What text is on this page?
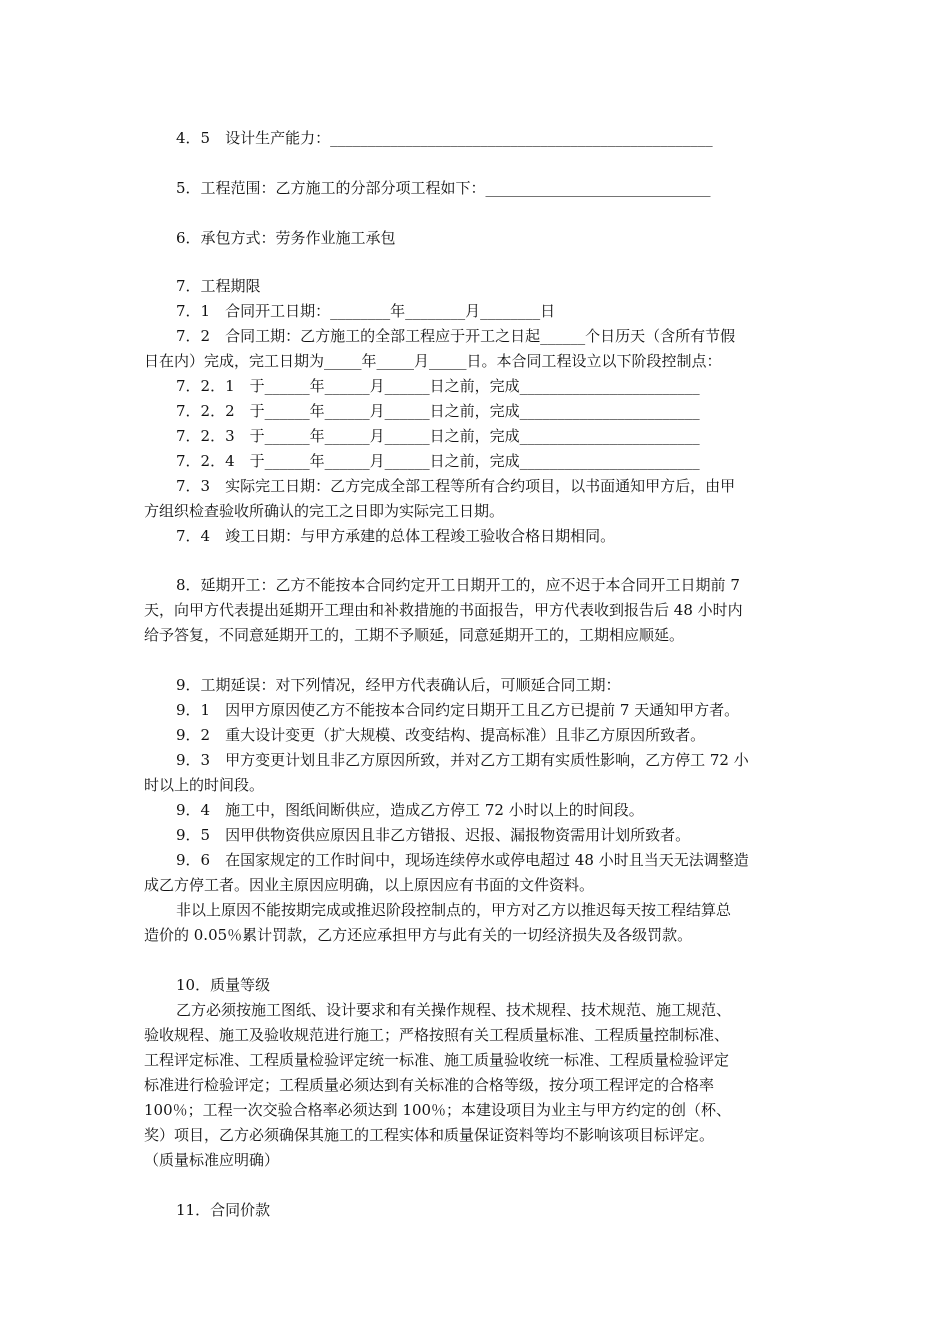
4．5　设计生产能力：___________________________________________________
5．工程范围：乙方施工的分部分项工程如下：______________________________
6．承包方式：劳务作业施工承包
7．工程期限
7．1　合同开工日期：________年________月________日
7．2　合同工期：乙方施工的全部工程应于开工之日起______个日历天（含所有节假
日在内）完成，完工日期为_____年_____月_____日。本合同工程设立以下阶段控制点：
7．2．1　于______年______月______日之前，完成________________________
7．2．2　于______年______月______日之前，完成________________________
7．2．3　于______年______月______日之前，完成________________________
7．2．4　于______年______月______日之前，完成________________________
7．3　实际完工日期：乙方完成全部工程等所有合约项目，以书面通知甲方后，由甲
方组织检查验收所确认的完工之日即为实际完工日期。
7．4　竣工日期：与甲方承建的总体工程竣工验收合格日期相同。
8．延期开工：乙方不能按本合同约定开工日期开工的，应不迟于本合同开工日期前 7
天，向甲方代表提出延期开工理由和补救措施的书面报告，甲方代表收到报告后 48 小时内
给予答复，不同意延期开工的，工期不予顺延，同意延期开工的，工期相应顺延。
9．工期延误：对下列情况，经甲方代表确认后，可顺延合同工期：
9．1　因甲方原因使乙方不能按本合同约定日期开工且乙方已提前 7 天通知甲方者。
9．2　重大设计变更（扩大规模、改变结构、提高标准）且非乙方原因所致者。
9．3　甲方变更计划且非乙方原因所致，并对乙方工期有实质性影响，乙方停工 72 小
时以上的时间段。
9．4　施工中，图纸间断供应，造成乙方停工 72 小时以上的时间段。
9．5　因甲供物资供应原因且非乙方错报、迟报、漏报物资需用计划所致者。
9．6　在国家规定的工作时间中，现场连续停水或停电超过 48 小时且当天无法调整造
成乙方停工者。因业主原因应明确，以上原因应有书面的文件资料。
非以上原因不能按期完成或推迟阶段控制点的，甲方对乙方以推迟每天按工程结算总
造价的 0.05％累计罚款，乙方还应承担甲方与此有关的一切经济损失及各级罚款。
10．质量等级
乙方必须按施工图纸、设计要求和有关操作规程、技术规程、技术规范、施工规范、
验收规程、施工及验收规范进行施工；严格按照有关工程质量标准、工程质量控制标准、
工程评定标准、工程质量检验评定统一标准、施工质量验收统一标准、工程质量检验评定
标准进行检验评定；工程质量必须达到有关标准的合格等级，按分项工程评定的合格率
100％；工程一次交验合格率必须达到 100％；本建设项目为业主与甲方约定的创（杯、
奖）项目，乙方必须确保其施工的工程实体和质量保证资料等均不影响该项目标评定。
（质量标准应明确）
11．合同价款
